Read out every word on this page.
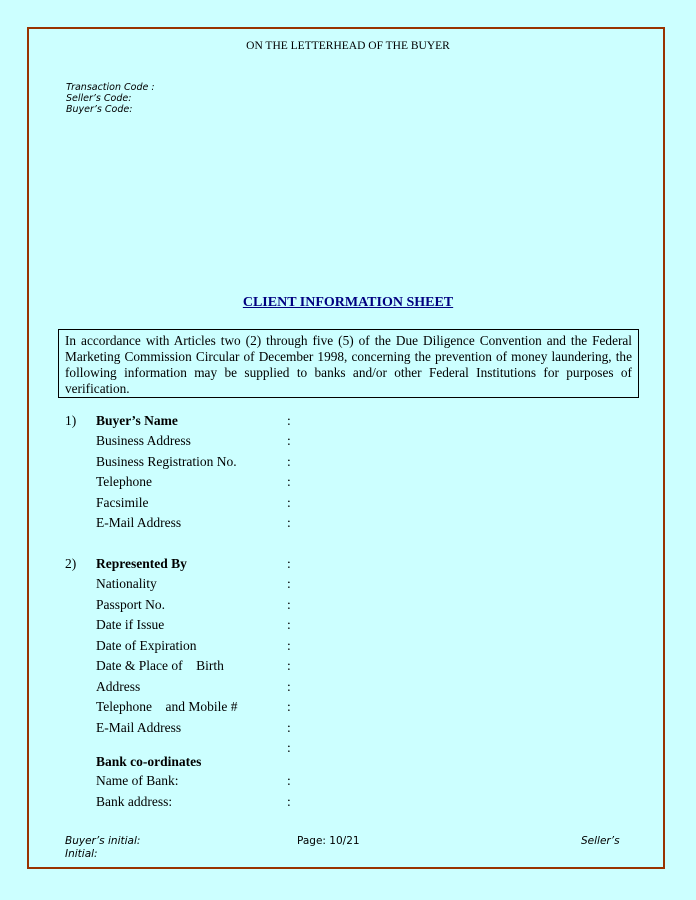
ON THE LETTERHEAD OF THE BUYER
Transaction Code :
Seller’s Code:
Buyer’s Code:
CLIENT INFORMATION SHEET
In accordance with Articles two (2) through five (5) of the Due Diligence Convention and the Federal Marketing Commission Circular of December 1998, concerning the prevention of money laundering, the following information may be supplied to banks and/or other Federal Institutions for purposes of verification.
1) Buyer’s Name	:
Business Address	:
Business Registration No.	:
Telephone	:
Facsimile	:
E-Mail Address	:
2) Represented By	:
Nationality	:
Passport No.	:
Date if Issue	:
Date of Expiration	:
Date & Place of    Birth	:
Address	:
Telephone    and Mobile #	:
E-Mail Address	:
:
Bank co-ordinates
Name of Bank:	:
Bank address:	:
Buyer’s initial:	Page: 10/21	Seller’s
Initial:
